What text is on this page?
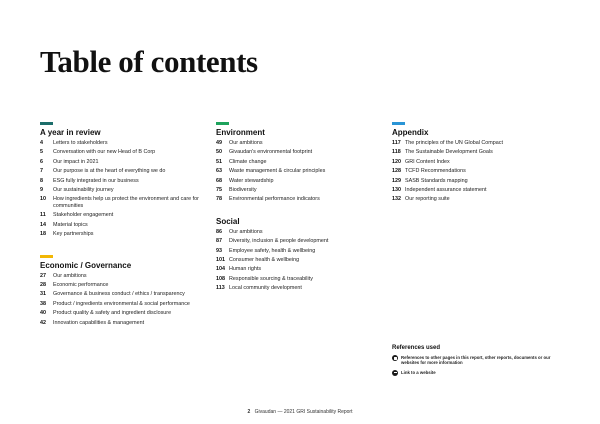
Table of contents
A year in review
4	Letters to stakeholders
5	Conversation with our new Head of B Corp
6	Our impact in 2021
7	Our purpose is at the heart of everything we do
8	ESG fully integrated in our business
9	Our sustainability journey
10	How ingredients help us protect the environment and care for communities
11	Stakeholder engagement
14	Material topics
18	Key partnerships
Economic / Governance
27	Our ambitions
28	Economic performance
31	Governance & business conduct / ethics / transparency
38	Product / ingredients environmental & social performance
40	Product quality & safety and ingredient disclosure
42	Innovation capabilities & management
Environment
49	Our ambitions
50	Givaudan's environmental footprint
51	Climate change
63	Waste management & circular principles
68	Water stewardship
75	Biodiversity
78	Environmental performance indicators
Social
86	Our ambitions
87	Diversity, inclusion & people development
93	Employee safety, health & wellbeing
101 Consumer health & wellbeing
104 Human rights
108 Responsible sourcing & traceability
113 Local community development
Appendix
117 The principles of the UN Global Compact
118 The Sustainable Development Goals
120 GRI Content Index
128 TCFD Recommendations
129 SASB Standards mapping
130 Independent assurance statement
132 Our reporting suite
References used
References to other pages in this report, other reports, documents or our websites for more information
Link to a website
2 Givaudan — 2021 GRI Sustainability Report
